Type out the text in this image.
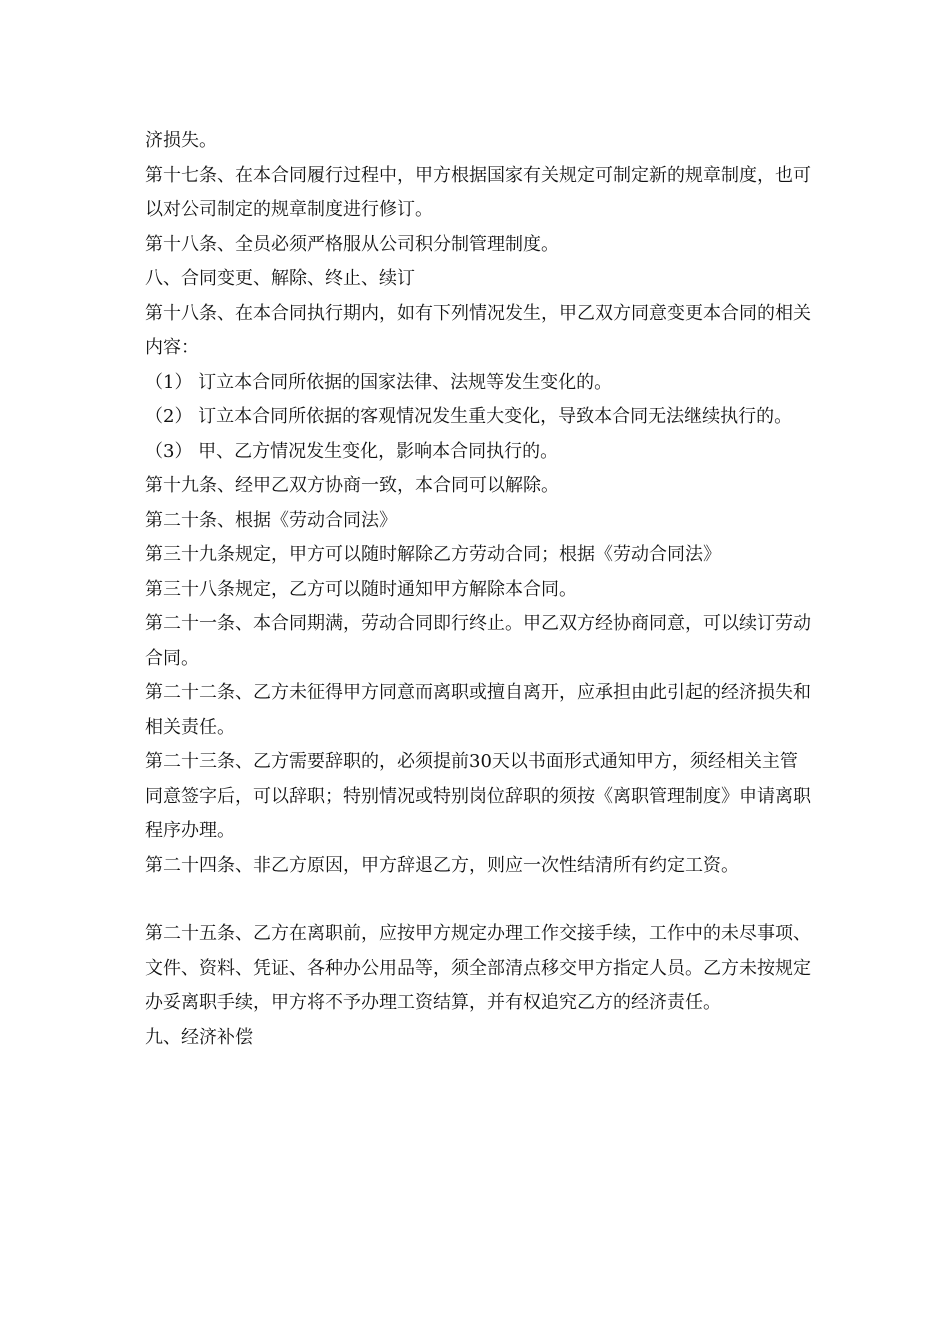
济损失。

第十七条、在本合同履行过程中，甲方根据国家有关规定可制定新的规章制度，也可以对公司制定的规章制度进行修订。

第十八条、全员必须严格服从公司积分制管理制度。

八、合同变更、解除、终止、续订

第十八条、在本合同执行期内，如有下列情况发生，甲乙双方同意变更本合同的相关内容：

（1） 订立本合同所依据的国家法律、法规等发生变化的。

（2） 订立本合同所依据的客观情况发生重大变化，导致本合同无法继续执行的。

（3） 甲、乙方情况发生变化，影响本合同执行的。

第十九条、经甲乙双方协商一致，本合同可以解除。

第二十条、根据《劳动合同法》

第三十九条规定，甲方可以随时解除乙方劳动合同；根据《劳动合同法》

第三十八条规定，乙方可以随时通知甲方解除本合同。

第二十一条、本合同期满，劳动合同即行终止。甲乙双方经协商同意，可以续订劳动合同。

第二十二条、乙方未征得甲方同意而离职或擅自离开，应承担由此引起的经济损失和相关责任。

第二十三条、乙方需要辞职的，必须提前30天以书面形式通知甲方，须经相关主管同意签字后，可以辞职；特别情况或特别岗位辞职的须按《离职管理制度》申请离职程序办理。

第二十四条、非乙方原因，甲方辞退乙方，则应一次性结清所有约定工资。

第二十五条、乙方在离职前，应按甲方规定办理工作交接手续，工作中的未尽事项、文件、资料、凭证、各种办公用品等，须全部清点移交甲方指定人员。乙方未按规定办妥离职手续，甲方将不予办理工资结算，并有权追究乙方的经济责任。

九、经济补偿
